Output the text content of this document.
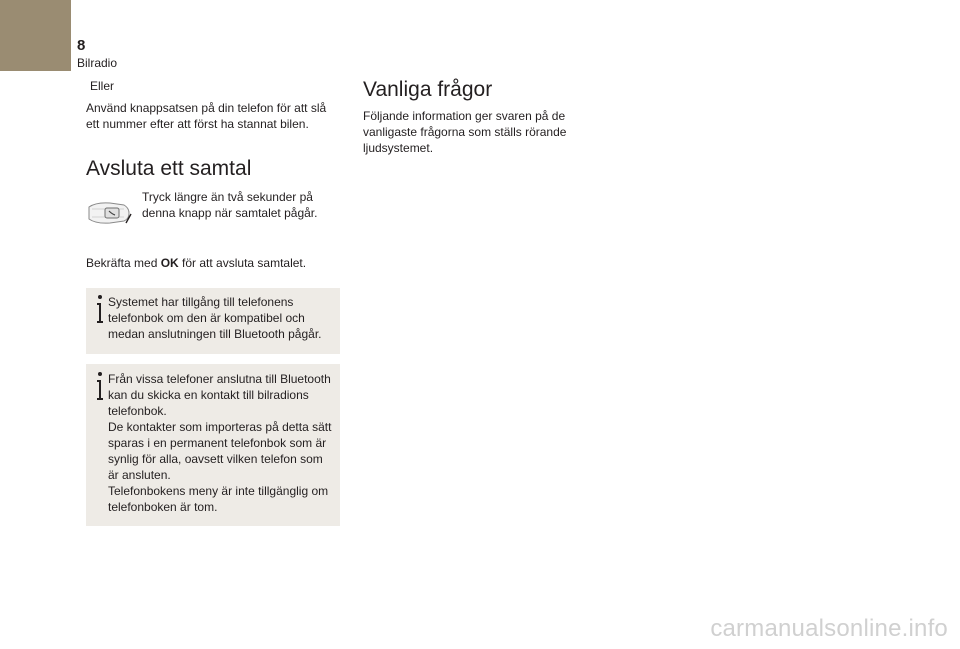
8
Bilradio

Eller

Använd knappsatsen på din telefon för att slå ett nummer efter att först ha stannat bilen.

Avsluta ett samtal

Tryck längre än två sekunder på denna knapp när samtalet pågår.

Bekräfta med OK för att avsluta samtalet.

Systemet har tillgång till telefonens telefonbok om den är kompatibel och medan anslutningen till Bluetooth pågår.

Från vissa telefoner anslutna till Bluetooth kan du skicka en kontakt till bilradions telefonbok.
De kontakter som importeras på detta sätt sparas i en permanent telefonbok som är synlig för alla, oavsett vilken telefon som är ansluten.
Telefonbokens meny är inte tillgänglig om telefonboken är tom.
Vanliga frågor

Följande information ger svaren på de vanligaste frågorna som ställs rörande ljudsystemet.

carmanualsonline.info
